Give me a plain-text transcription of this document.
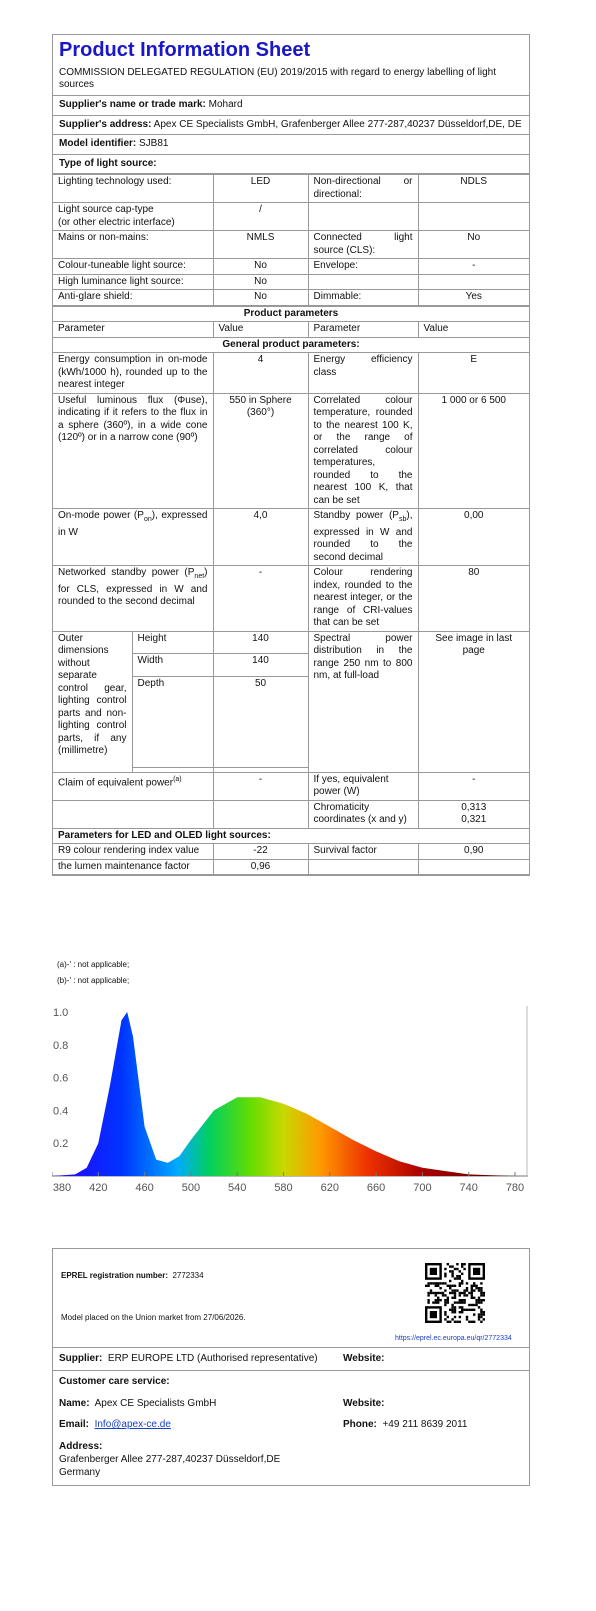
Product Information Sheet
COMMISSION DELEGATED REGULATION (EU) 2019/2015 with regard to energy labelling of light sources
Supplier's name or trade mark: Mohard
Supplier's address: Apex CE Specialists GmbH, Grafenberger Allee 277-287,40237 Düsseldorf,DE, DE
Model identifier: SJB81
Type of light source:
Lighting technology used:	LED	Non-directional or directional:	NDLS
Light source cap-type
(or other electric interface)	/		
Mains or non-mains:	NMLS	Connected light source (CLS):	No
Colour-tuneable light source:	No	Envelope:	-
High luminance light source:	No		
Anti-glare shield:	No	Dimmable:	Yes
Product parameters				
Parameter		Value	Parameter	Value
General product parameters:				
Energy consumption in on-mode (kWh/1000 h), rounded up to the nearest integer		4	Energy efficiency class	E
Useful luminous flux (Φuse), indicating if it refers to the flux in a sphere (360º), in a wide cone (120º) or in a narrow cone (90º)		550 in Sphere (360°)	Correlated colour temperature, rounded to the nearest 100 K, or the range of correlated colour temperatures, rounded to the nearest 100 K, that can be set	1 000 or 6 500
On-mode power $(P_{on})$, expressed in W		4,0	Standby power $(P_{sb})$, expressed in W and rounded to the second decimal	0,00
Networked standby power $(P_{net})$ for CLS, expressed in W and rounded to the second decimal		-	Colour rendering index, rounded to the nearest integer, or the range of CRI-values that can be set	80
Outer dimensions without separate control gear, lighting control parts and non-lighting control parts, if any (millimetre)	Height	140	Spectral power distribution in the range 250 nm to 800 nm, at full-load	See image in last page
	Width	140		
	Depth	50		

Claim of equivalent power$^{(a)}$		-	If yes, equivalent power (W)	-
			Chromaticity coordinates (x and y)	0,313
0,321
Parameters for LED and OLED light sources:				
R9 colour rendering index value		-22	Survival factor	0,90
the lumen maintenance factor		0,96		
(a)-' : not applicable;
(b)-' : not applicable;
380 420	460	500	540	580	620	660	700	740	780
0.2
0.4
0.6
0.8
1.0
EPREL registration number: 2772334
Model placed on the Union market from 27/06/2026.
https://eprel.ec.europa.eu/qr/2772334
Supplier: ERP EUROPE LTD (Authorised representative)	Website:
Customer care service:
Name: Apex CE Specialists GmbH	Website:
Email: Info@apex-ce.de	Phone: +49 211 8639 2011
Address:
Grafenberger Allee 277-287,40237 Düsseldorf,DE
Germany
